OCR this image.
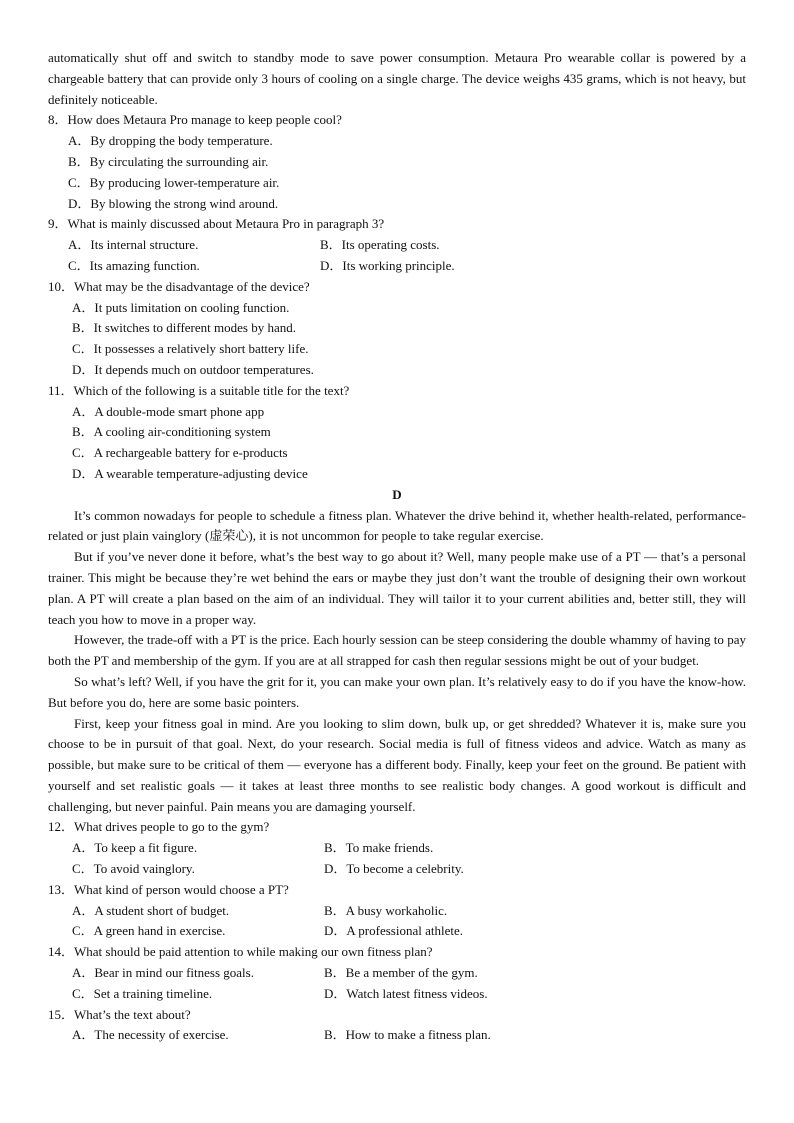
automatically shut off and switch to standby mode to save power consumption. Metaura Pro wearable collar is powered by a chargeable battery that can provide only 3 hours of cooling on a single charge. The device weighs 435 grams, which is not heavy, but definitely noticeable.

8．How does Metaura Pro manage to keep people cool?

A．By dropping the body temperature.

B．By circulating the surrounding air.

C．By producing lower-temperature air.

D．By blowing the strong wind around.

9．What is mainly discussed about Metaura Pro in paragraph 3?

A．Its internal structure.	B．Its operating costs.
C．Its amazing function.	D．Its working principle.

10．What may be the disadvantage of the device?

A．It puts limitation on cooling function.

B．It switches to different modes by hand.

C．It possesses a relatively short battery life.

D．It depends much on outdoor temperatures.

11．Which of the following is a suitable title for the text?

A．A double-mode smart phone app

B．A cooling air-conditioning system

C．A rechargeable battery for e-products

D．A wearable temperature-adjusting device

D

It’s common nowadays for people to schedule a fitness plan. Whatever the drive behind it, whether health-related, performance-related or just plain vainglory (虚荣心), it is not uncommon for people to take regular exercise.

But if you’ve never done it before, what’s the best way to go about it? Well, many people make use of a PT — that’s a personal trainer. This might be because they’re wet behind the ears or maybe they just don’t want the trouble of designing their own workout plan. A PT will create a plan based on the aim of an individual. They will tailor it to your current abilities and, better still, they will teach you how to move in a proper way.

However, the trade-off with a PT is the price. Each hourly session can be steep considering the double whammy of having to pay both the PT and membership of the gym. If you are at all strapped for cash then regular sessions might be out of your budget.

So what’s left? Well, if you have the grit for it, you can make your own plan. It’s relatively easy to do if you have the know-how. But before you do, here are some basic pointers.

First, keep your fitness goal in mind. Are you looking to slim down, bulk up, or get shredded? Whatever it is, make sure you choose to be in pursuit of that goal. Next, do your research. Social media is full of fitness videos and advice. Watch as many as possible, but make sure to be critical of them — everyone has a different body. Finally, keep your feet on the ground. Be patient with yourself and set realistic goals — it takes at least three months to see realistic body changes. A good workout is difficult and challenging, but never painful. Pain means you are damaging yourself.

12．What drives people to go to the gym?

A．To keep a fit figure.	B．To make friends.
C．To avoid vainglory.	D．To become a celebrity.

13．What kind of person would choose a PT?

A．A student short of budget.	B．A busy workaholic.
C．A green hand in exercise.	D．A professional athlete.

14．What should be paid attention to while making our own fitness plan?

A．Bear in mind our fitness goals.	B．Be a member of the gym.
C．Set a training timeline.	D．Watch latest fitness videos.

15．What’s the text about?

A．The necessity of exercise.	B．How to make a fitness plan.
